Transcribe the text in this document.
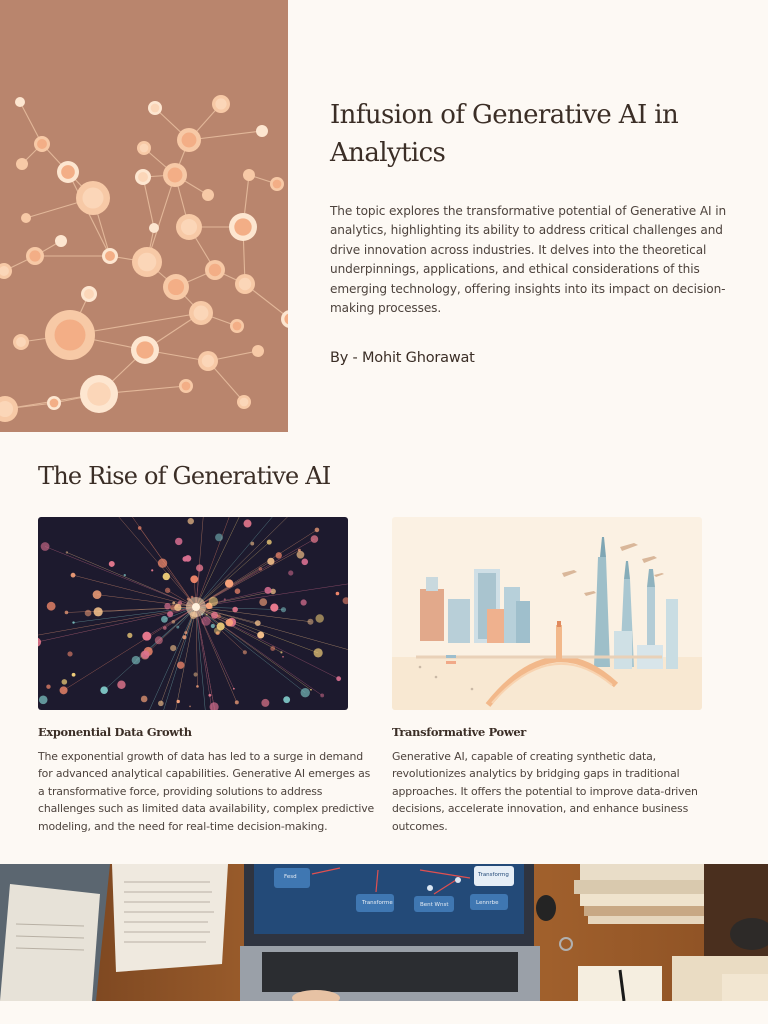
Infusion of Generative AI in Analytics

The topic explores the transformative potential of Generative AI in analytics, highlighting its ability to address critical challenges and drive innovation across industries. It delves into the theoretical underpinnings, applications, and ethical considerations of this emerging technology, offering insights into its impact on decision-making processes.

By - Mohit Ghorawat

The Rise of Generative AI
Exponential Data Growth

The exponential growth of data has led to a surge in demand for advanced analytical capabilities. Generative AI emerges as a transformative force, providing solutions to address challenges such as limited data availability, complex predictive modeling, and the need for real-time decision-making.

Transformative Power

Generative AI, capable of creating synthetic data, revolutionizes analytics by bridging gaps in traditional approaches. It offers the potential to improve data-driven decisions, accelerate innovation, and enhance business outcomes.

Fesd	Transformg
Transforme	Bent Wnst	Lennrbe
